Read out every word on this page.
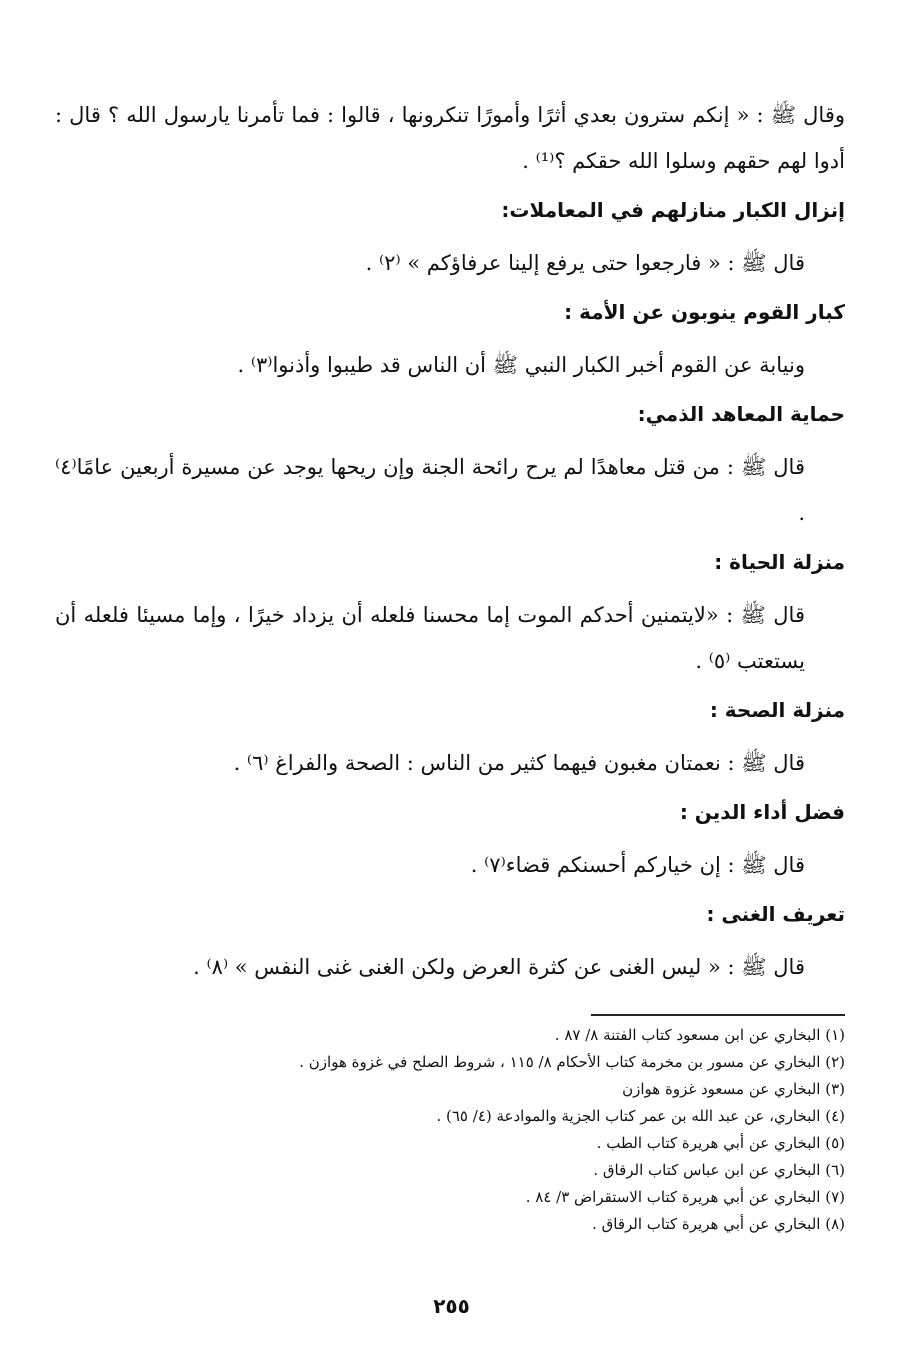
وقال ﷺ : « إنكم سترون بعدي أثرًا وأمورًا تنكرونها ، قالوا : فما تأمرنا يارسول الله ؟ قال : أدوا لهم حقهم وسلوا الله حقكم ؟⁽¹⁾ .

إنزال الكبار منازلهم في المعاملات:

قال ﷺ : « فارجعوا حتى يرفع إلينا عرفاؤكم » ⁽٢⁾ .

كبار القوم ينوبون عن الأمة :

ونيابة عن القوم أخبر الكبار النبي ﷺ أن الناس قد طيبوا وأذنوا⁽٣⁾ .

حماية المعاهد الذمي:

قال ﷺ : من قتل معاهدًا لم يرح رائحة الجنة وإن ريحها يوجد عن مسيرة أربعين عامًا⁽٤⁾ .

منزلة الحياة :

قال ﷺ : «لايتمنين أحدكم الموت إما محسنا فلعله أن يزداد خيرًا ، وإما مسيئا فلعله أن يستعتب ⁽٥⁾ .

منزلة الصحة :

قال ﷺ : نعمتان مغبون فيهما كثير من الناس : الصحة والفراغ ⁽٦⁾ .

فضل أداء الدين :

قال ﷺ : إن خياركم أحسنكم قضاء⁽٧⁾ .

تعريف الغنى :

قال ﷺ : « ليس الغنى عن كثرة العرض ولكن الغنى غنى النفس » ⁽٨⁾ .

(١) البخاري عن ابن مسعود كتاب الفتنة ٨/ ٨٧ .
(٢) البخاري عن مسور بن مخرمة كتاب الأحكام ٨/ ١١٥ ، شروط الصلح في غزوة هوازن .
(٣) البخاري عن مسعود غزوة هوازن
(٤) البخاري، عن عبد الله بن عمر كتاب الجزية والموادعة (٤/ ٦٥) .
(٥) البخاري عن أبي هريرة كتاب الطب .
(٦) البخاري عن ابن عباس كتاب الرقاق .
(٧) البخاري عن أبي هريرة كتاب الاستقراض ٣/ ٨٤ .
(٨) البخاري عن أبي هريرة كتاب الرقاق .
٢٥٥
